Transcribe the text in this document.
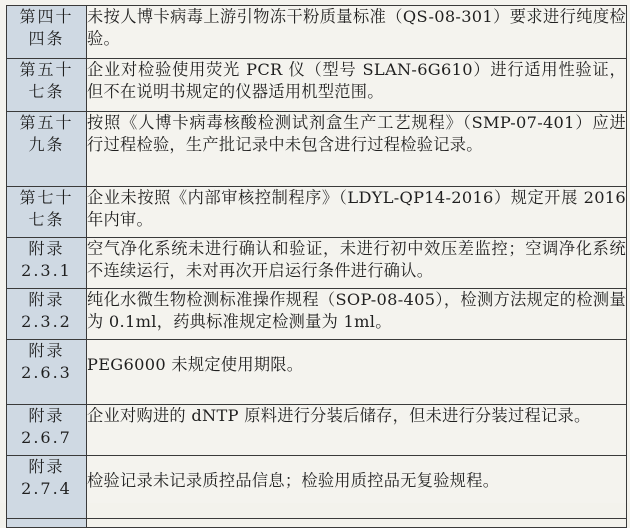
第四十
四条	未按人博卡病毒上游引物冻干粉质量标准（QS-08-301）要求进行纯度检验。

第五十
七条	企业对检验使用荧光 PCR 仪（型号 SLAN-6G610）进行适用性验证，但不在说明书规定的仪器适用机型范围。

第五十
九条	按照《人博卡病毒核酸检测试剂盒生产工艺规程》（SMP-07-401）应进行过程检验，生产批记录中未包含进行过程检验记录。

第七十
七条	企业未按照《内部审核控制程序》（LDYL-QP14-2016）规定开展 2016 年内审。

附录
2.3.1	空气净化系统未进行确认和验证，未进行初中效压差监控；空调净化系统不连续运行，未对再次开启运行条件进行确认。

附录
2.3.2	纯化水微生物检测标准操作规程（SOP-08-405），检测方法规定的检测量为 0.1ml，药典标准规定检测量为 1ml。

附录
2.6.3	PEG6000 未规定使用期限。

附录
2.6.7	企业对购进的 dNTP 原料进行分装后储存，但未进行分装过程记录。

附录
2.7.4	检验记录未记录质控品信息；检验用质控品无复验规程。
